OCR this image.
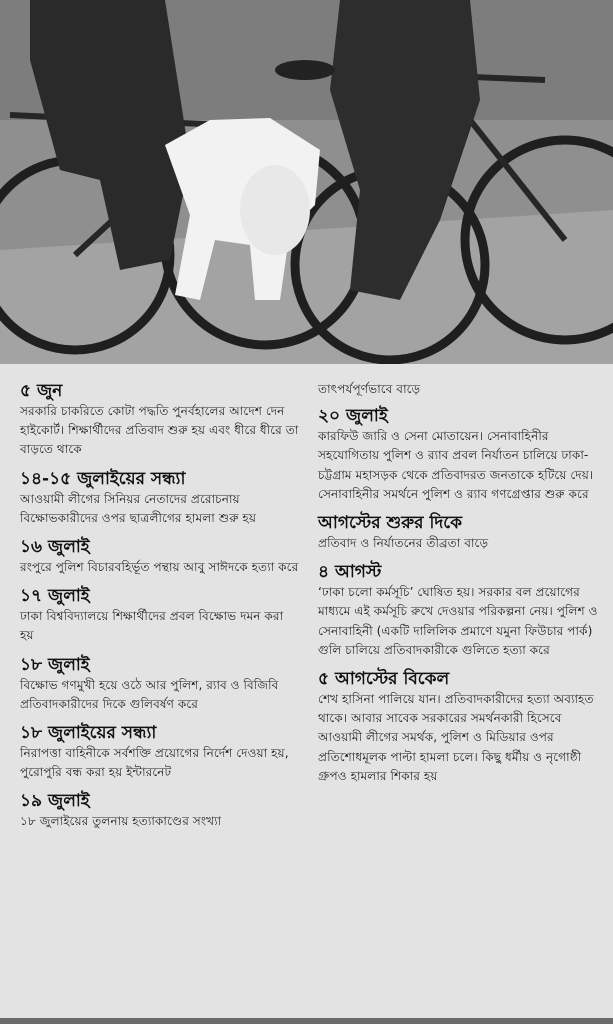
৫ জুন
সরকারি চাকরিতে কোটা পদ্ধতি পুনর্বহালের আদেশ দেন হাইকোর্ট। শিক্ষার্থীদের প্রতিবাদ শুরু হয় এবং ধীরে ধীরে তা বাড়তে থাকে
১৪-১৫ জুলাইয়ের সন্ধ্যা
আওয়ামী লীগের সিনিয়র নেতাদের প্ররোচনায় বিক্ষোভকারীদের ওপর ছাত্রলীগের হামলা শুরু হয়
১৬ জুলাই
রংপুরে পুলিশ বিচারবহির্ভূত পন্থায় আবু সাঈদকে হত্যা করে
১৭ জুলাই
ঢাকা বিশ্ববিদ্যালয়ে শিক্ষার্থীদের প্রবল বিক্ষোভ দমন করা হয়
১৮ জুলাই
বিক্ষোভ গণমুখী হয়ে ওঠে আর পুলিশ, র‍্যাব ও বিজিবি প্রতিবাদকারীদের দিকে গুলিবর্ষণ করে
১৮ জুলাইয়ের সন্ধ্যা
নিরাপত্তা বাহিনীকে সর্বশক্তি প্রয়োগের নির্দেশ দেওয়া হয়, পুরোপুরি বন্ধ করা হয় ইন্টারনেট
১৯ জুলাই
১৮ জুলাইয়ের তুলনায় হত্যাকাণ্ডের সংখ্যা
তাৎপর্যপূর্ণভাবে বাড়ে
২০ জুলাই
কারফিউ জারি ও সেনা মোতায়েন। সেনাবাহিনীর সহযোগিতায় পুলিশ ও র‍্যাব প্রবল নির্যাতন চালিয়ে ঢাকা-চট্টগ্রাম মহাসড়ক থেকে প্রতিবাদরত জনতাকে হটিয়ে দেয়। সেনাবাহিনীর সমর্থনে পুলিশ ও র‍্যাব গণগ্রেপ্তার শুরু করে
আগস্টের শুরুর দিকে
প্রতিবাদ ও নির্যাতনের তীব্রতা বাড়ে
৪ আগস্ট
‘ঢাকা চলো কর্মসূচি’ ঘোষিত হয়। সরকার বল প্রয়োগের মাধ্যমে এই কর্মসূচি রুখে দেওয়ার পরিকল্পনা নেয়। পুলিশ ও সেনাবাহিনী (একটি দালিলিক প্রমাণে যমুনা ফিউচার পার্ক) গুলি চালিয়ে প্রতিবাদকারীকে গুলিতে হত্যা করে
৫ আগস্টের বিকেল
শেখ হাসিনা পালিয়ে যান। প্রতিবাদকারীদের হত্যা অব্যাহত থাকে। আবার সাবেক সরকারের সমর্থনকারী হিসেবে আওয়ামী লীগের সমর্থক, পুলিশ ও মিডিয়ার ওপর প্রতিশোধমূলক পাল্টা হামলা চলে। কিছু ধর্মীয় ও নৃগোষ্ঠী গ্রুপও হামলার শিকার হয়
